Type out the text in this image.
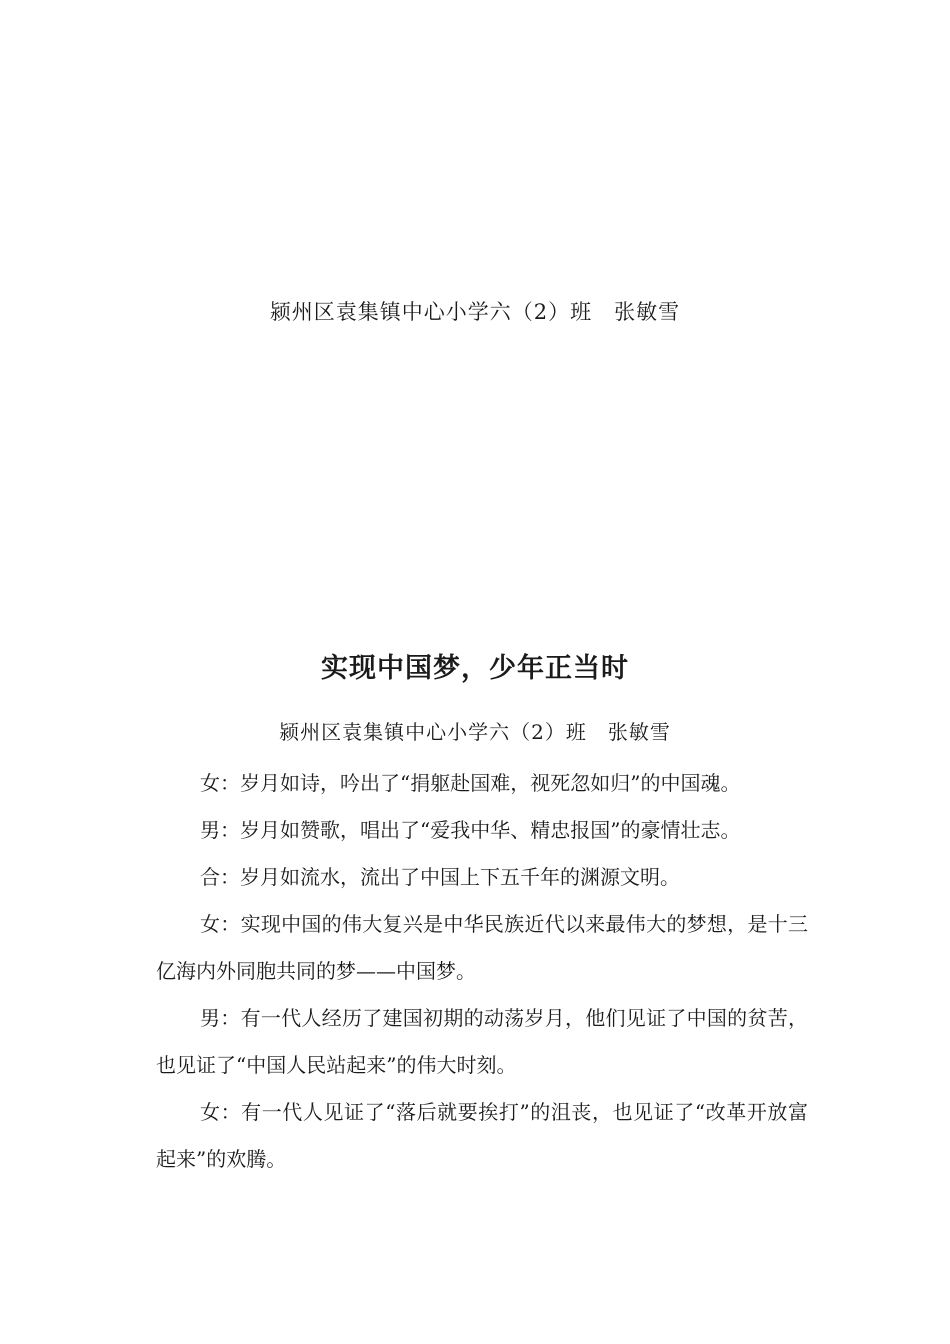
颍州区袁集镇中心小学六（2）班　张敏雪
实现中国梦，少年正当时
颍州区袁集镇中心小学六（2）班　张敏雪

女：岁月如诗，吟出了“捐躯赴国难，视死忽如归”的中国魂。

男：岁月如赞歌，唱出了“爱我中华、精忠报国”的豪情壮志。

合：岁月如流水，流出了中国上下五千年的渊源文明。

女：实现中国的伟大复兴是中华民族近代以来最伟大的梦想，是十三亿海内外同胞共同的梦——中国梦。

男：有一代人经历了建国初期的动荡岁月，他们见证了中国的贫苦，也见证了“中国人民站起来”的伟大时刻。

女：有一代人见证了“落后就要挨打”的沮丧，也见证了“改革开放富起来”的欢腾。
